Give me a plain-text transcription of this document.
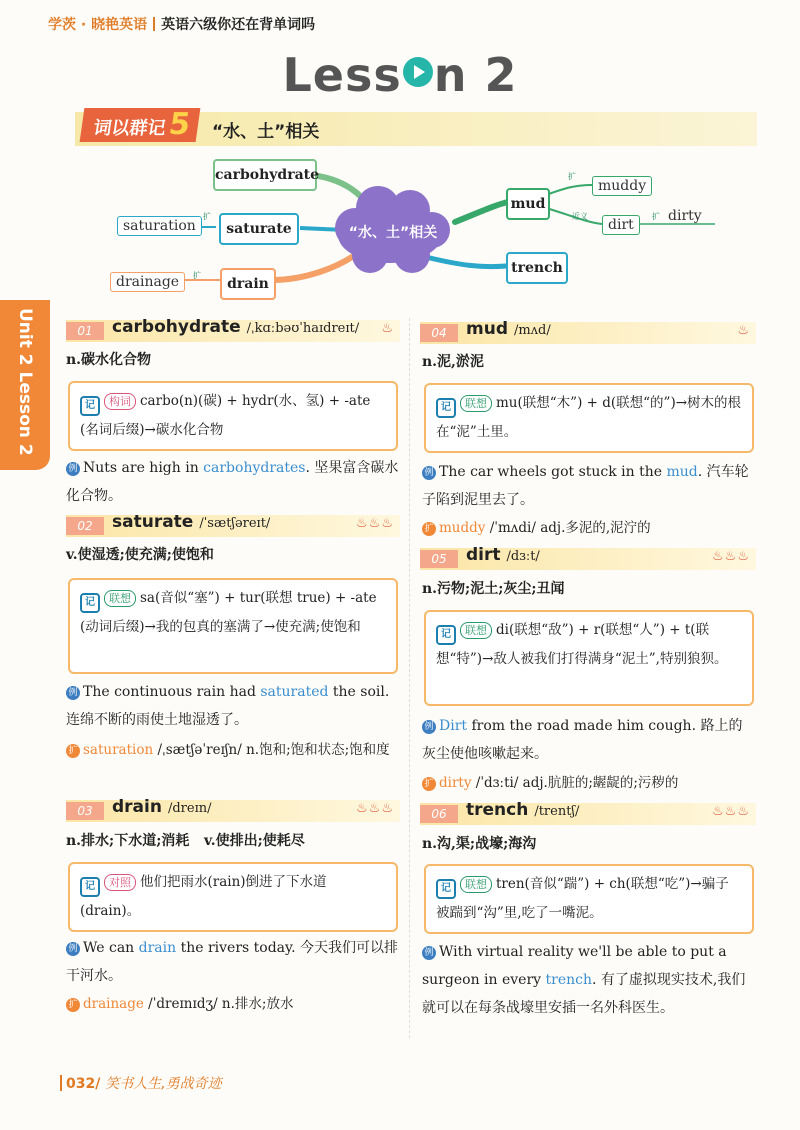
学茨 · 晓艳英语 英语六级你还在背单词吗
Less n 2
词以群记5	“水、土”相关
“水、土”相关
carbohydrate
saturate
drain
mud
trench
saturation
drainage
muddy
dirt
dirty
扩
扩
扩
近义	扩
Unit 2 Lesson 2
01	carbohydrate /ˌkɑːbəʊˈhaɪdreɪt/ ♨
n.碳水化合物
记 构词 carbo(n)(碳) + hydr(水、氢) + -ate (名词后缀)→碳水化合物
例 Nuts are high in carbohydrates. 坚果富含碳水化合物。
02	saturate /ˈsætʃəreɪt/	♨♨♨
v.使湿透;使充满;使饱和
记 联想 sa(音似“塞”) + tur(联想 true) + -ate (动词后缀)→我的包真的塞满了→使充满;使饱和
例 The continuous rain had saturated the soil. 连绵不断的雨使土地湿透了。
扩 saturation /ˌsætʃəˈreɪʃn/ n.饱和;饱和状态;饱和度
03	drain /dreɪn/	♨♨♨
n.排水;下水道;消耗   v.使排出;使耗尽
记 对照 他们把雨水(rain)倒进了下水道(drain)。
例 We can drain the rivers today. 今天我们可以排干河水。
扩 drainage /ˈdreɪnɪdʒ/ n.排水;放水
04	mud /mʌd/	♨
n.泥,淤泥
记 联想 mu(联想“木”) + d(联想“的”)→树木的根在“泥”土里。
例 The car wheels got stuck in the mud. 汽车轮子陷到泥里去了。
扩 muddy /ˈmʌdi/ adj.多泥的,泥泞的
05	dirt /dɜːt/	♨♨♨
n.污物;泥土;灰尘;丑闻
记 联想 di(联想“敌”) + r(联想“人”) + t(联想“特”)→敌人被我们打得满身“泥土”,特别狼狈。
例 Dirt from the road made him cough. 路上的灰尘使他咳嗽起来。
扩 dirty /ˈdɜːti/ adj.肮脏的;龌龊的;污秽的
06	trench /trentʃ/	♨♨♨
n.沟,渠;战壕;海沟
记 联想 tren(音似“踹”) + ch(联想“吃”)→骗子被踹到“沟”里,吃了一嘴泥。
例 With virtual reality we'll be able to put a surgeon in every trench. 有了虚拟现实技术,我们就可以在每条战壕里安插一名外科医生。
032/ 笑书人生,勇战奇迹
